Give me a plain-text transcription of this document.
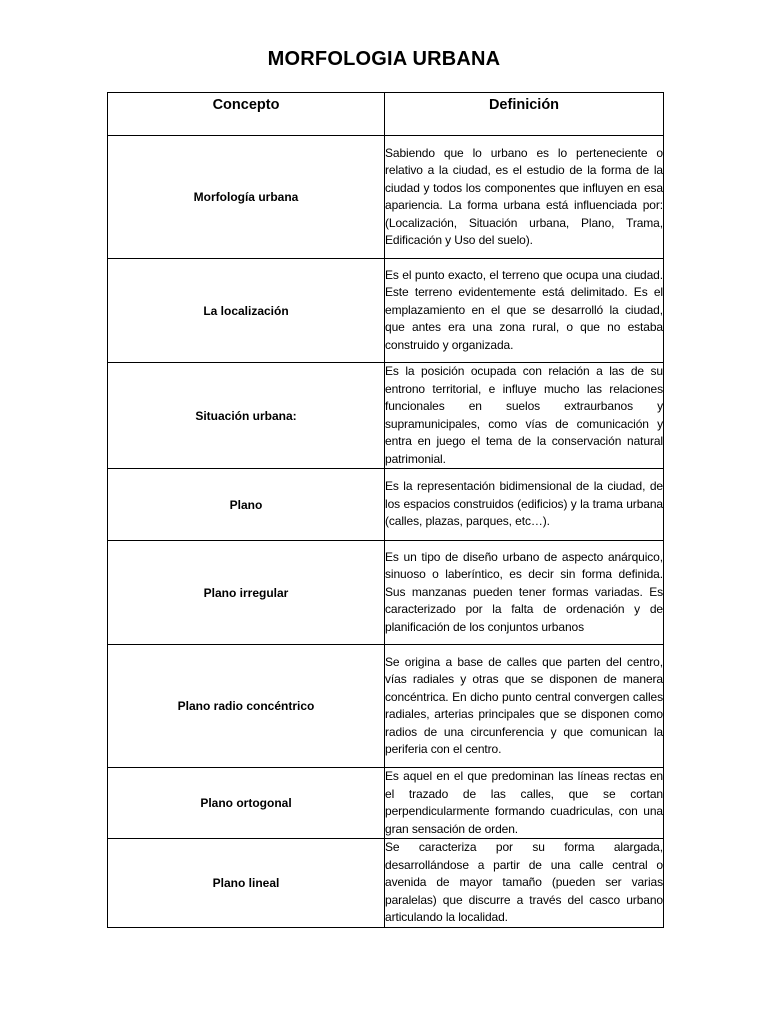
MORFOLOGIA URBANA
Concepto	Definición
Morfología urbana	Sabiendo que lo urbano es lo perteneciente o relativo a la ciudad, es el estudio de la forma de la ciudad y todos los componentes que influyen en esa apariencia. La forma urbana está influenciada por: (Localización, Situación urbana, Plano, Trama, Edificación y Uso del suelo).
La localización	Es el punto exacto, el terreno que ocupa una ciudad. Este terreno evidentemente está delimitado. Es el emplazamiento en el que se desarrolló la ciudad, que antes era una zona rural, o que no estaba construido y organizada.
Situación urbana:	Es la posición ocupada con relación a las de su entrono territorial, e influye mucho las relaciones funcionales en suelos extraurbanos y supramunicipales, como vías de comunicación y entra en juego el tema de la conservación natural patrimonial.
Plano	Es la representación bidimensional de la ciudad, de los espacios construidos (edificios) y la trama urbana (calles, plazas, parques, etc…).
Plano irregular	Es un tipo de diseño urbano de aspecto anárquico, sinuoso o laberíntico, es decir sin forma definida. Sus manzanas pueden tener formas variadas. Es caracterizado por la falta de ordenación y de planificación de los conjuntos urbanos
Plano radio concéntrico	Se origina a base de calles que parten del centro, vías radiales y otras que se disponen de manera concéntrica. En dicho punto central convergen calles radiales, arterias principales que se disponen como radios de una circunferencia y que comunican la periferia con el centro.
Plano ortogonal	Es aquel en el que predominan las líneas rectas en el trazado de las calles, que se cortan perpendicularmente formando cuadriculas, con una gran sensación de orden.
Plano lineal	Se caracteriza por su forma alargada, desarrollándose a partir de una calle central o avenida de mayor tamaño (pueden ser varias paralelas) que discurre a través del casco urbano articulando la localidad.
